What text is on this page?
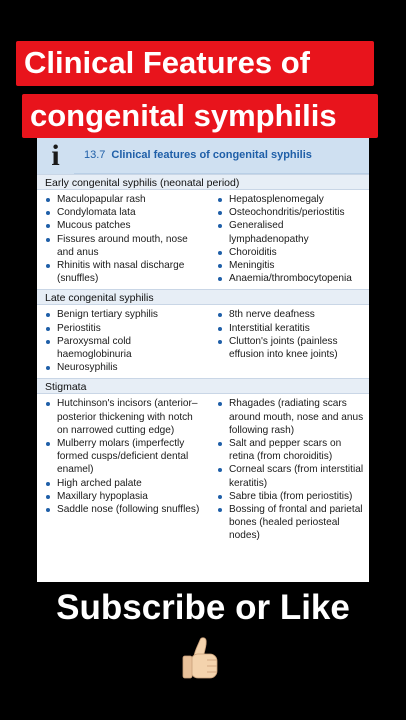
Clinical Features of
congenital symphilis
i	13.7 Clinical features of congenital syphilis
Early congenital syphilis (neonatal period)
Maculopapular rash
Condylomata lata
Mucous patches
Fissures around mouth, nose and anus
Rhinitis with nasal discharge (snuffles)
Hepatosplenomegaly
Osteochondritis/periostitis
Generalised lymphadenopathy
Choroiditis
Meningitis
Anaemia/thrombocytopenia
Late congenital syphilis
Benign tertiary syphilis
Periostitis
Paroxysmal cold haemoglobinuria
Neurosyphilis
8th nerve deafness
Interstitial keratitis
Clutton's joints (painless effusion into knee joints)
Stigmata
Hutchinson's incisors (anterior–posterior thickening with notch on narrowed cutting edge)
Mulberry molars (imperfectly formed cusps/deficient dental enamel)
High arched palate
Maxillary hypoplasia
Saddle nose (following snuffles)
Rhagades (radiating scars around mouth, nose and anus following rash)
Salt and pepper scars on retina (from choroiditis)
Corneal scars (from interstitial keratitis)
Sabre tibia (from periostitis)
Bossing of frontal and parietal bones (healed periosteal nodes)
Subscribe or Like
